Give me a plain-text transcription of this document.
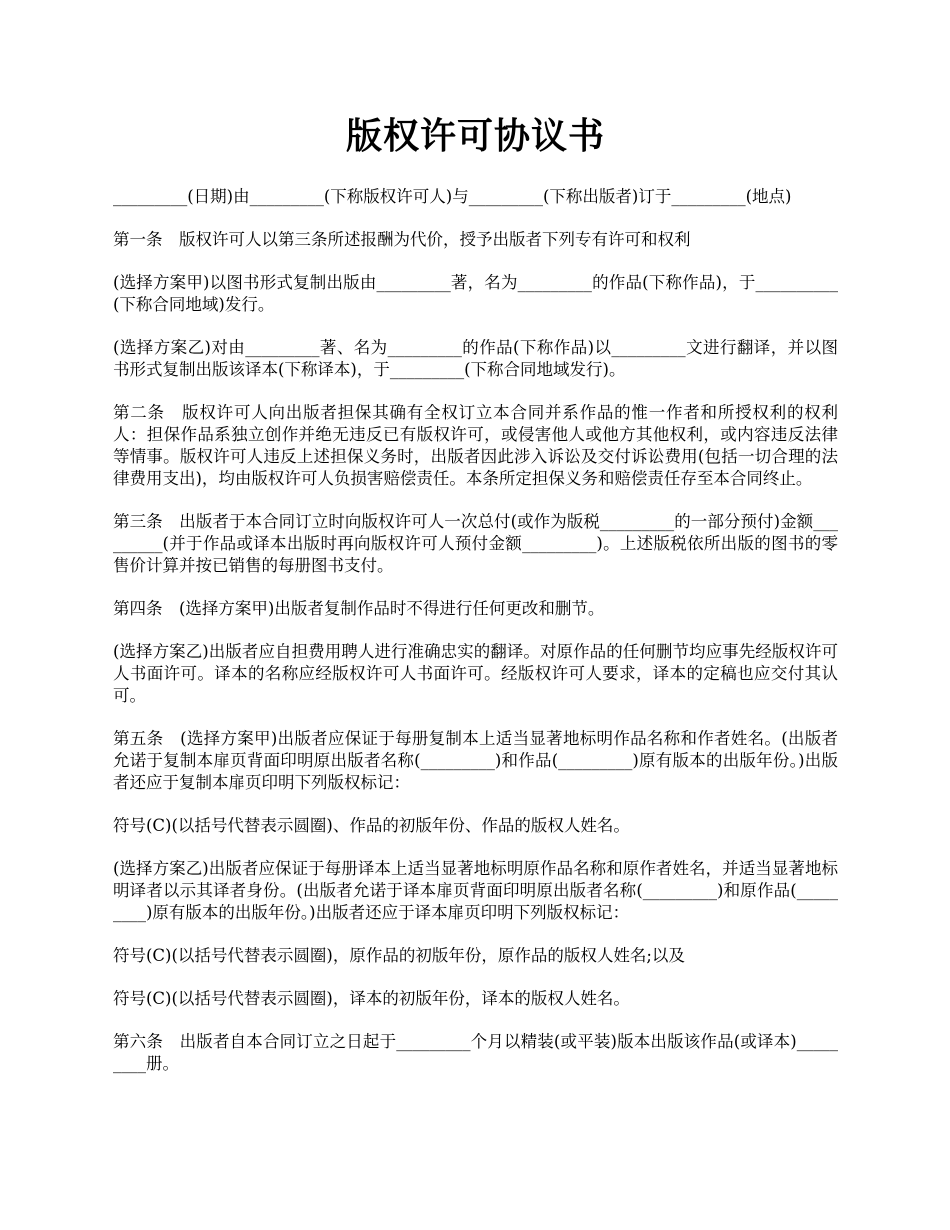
版权许可协议书

_________(日期)由_________(下称版权许可人)与_________(下称出版者)订于_________(地点)

第一条　版权许可人以第三条所述报酬为代价，授予出版者下列专有许可和权利

(选择方案甲)以图书形式复制出版由_________著，名为_________的作品(下称作品)，于__________(下称合同地域)发行。

(选择方案乙)对由_________著、名为_________的作品(下称作品)以_________文进行翻译，并以图书形式复制出版该译本(下称译本)，于_________(下称合同地域发行)。

第二条　版权许可人向出版者担保其确有全权订立本合同并系作品的惟一作者和所授权利的权利人：担保作品系独立创作并绝无违反已有版权许可，或侵害他人或他方其他权利，或内容违反法律等情事。版权许可人违反上述担保义务时，出版者因此涉入诉讼及交付诉讼费用(包括一切合理的法律费用支出)，均由版权许可人负损害赔偿责任。本条所定担保义务和赔偿责任存至本合同终止。

第三条　出版者于本合同订立时向版权许可人一次总付(或作为版税_________的一部分预付)金额_________(并于作品或译本出版时再向版权许可人预付金额_________)。上述版税依所出版的图书的零售价计算并按已销售的每册图书支付。

第四条　(选择方案甲)出版者复制作品时不得进行任何更改和删节。

(选择方案乙)出版者应自担费用聘人进行准确忠实的翻译。对原作品的任何删节均应事先经版权许可人书面许可。译本的名称应经版权许可人书面许可。经版权许可人要求，译本的定稿也应交付其认可。

第五条　(选择方案甲)出版者应保证于每册复制本上适当显著地标明作品名称和作者姓名。(出版者允诺于复制本扉页背面印明原出版者名称(_________)和作品(_________)原有版本的出版年份。)出版者还应于复制本扉页印明下列版权标记：

符号(C)(以括号代替表示圆圈)、作品的初版年份、作品的版权人姓名。

(选择方案乙)出版者应保证于每册译本上适当显著地标明原作品名称和原作者姓名，并适当显著地标明译者以示其译者身份。(出版者允诺于译本扉页背面印明原出版者名称(_________)和原作品(_________)原有版本的出版年份。)出版者还应于译本扉页印明下列版权标记：

符号(C)(以括号代替表示圆圈)，原作品的初版年份，原作品的版权人姓名;以及

符号(C)(以括号代替表示圆圈)，译本的初版年份，译本的版权人姓名。

第六条　出版者自本合同订立之日起于_________个月以精装(或平装)版本出版该作品(或译本)_________册。
